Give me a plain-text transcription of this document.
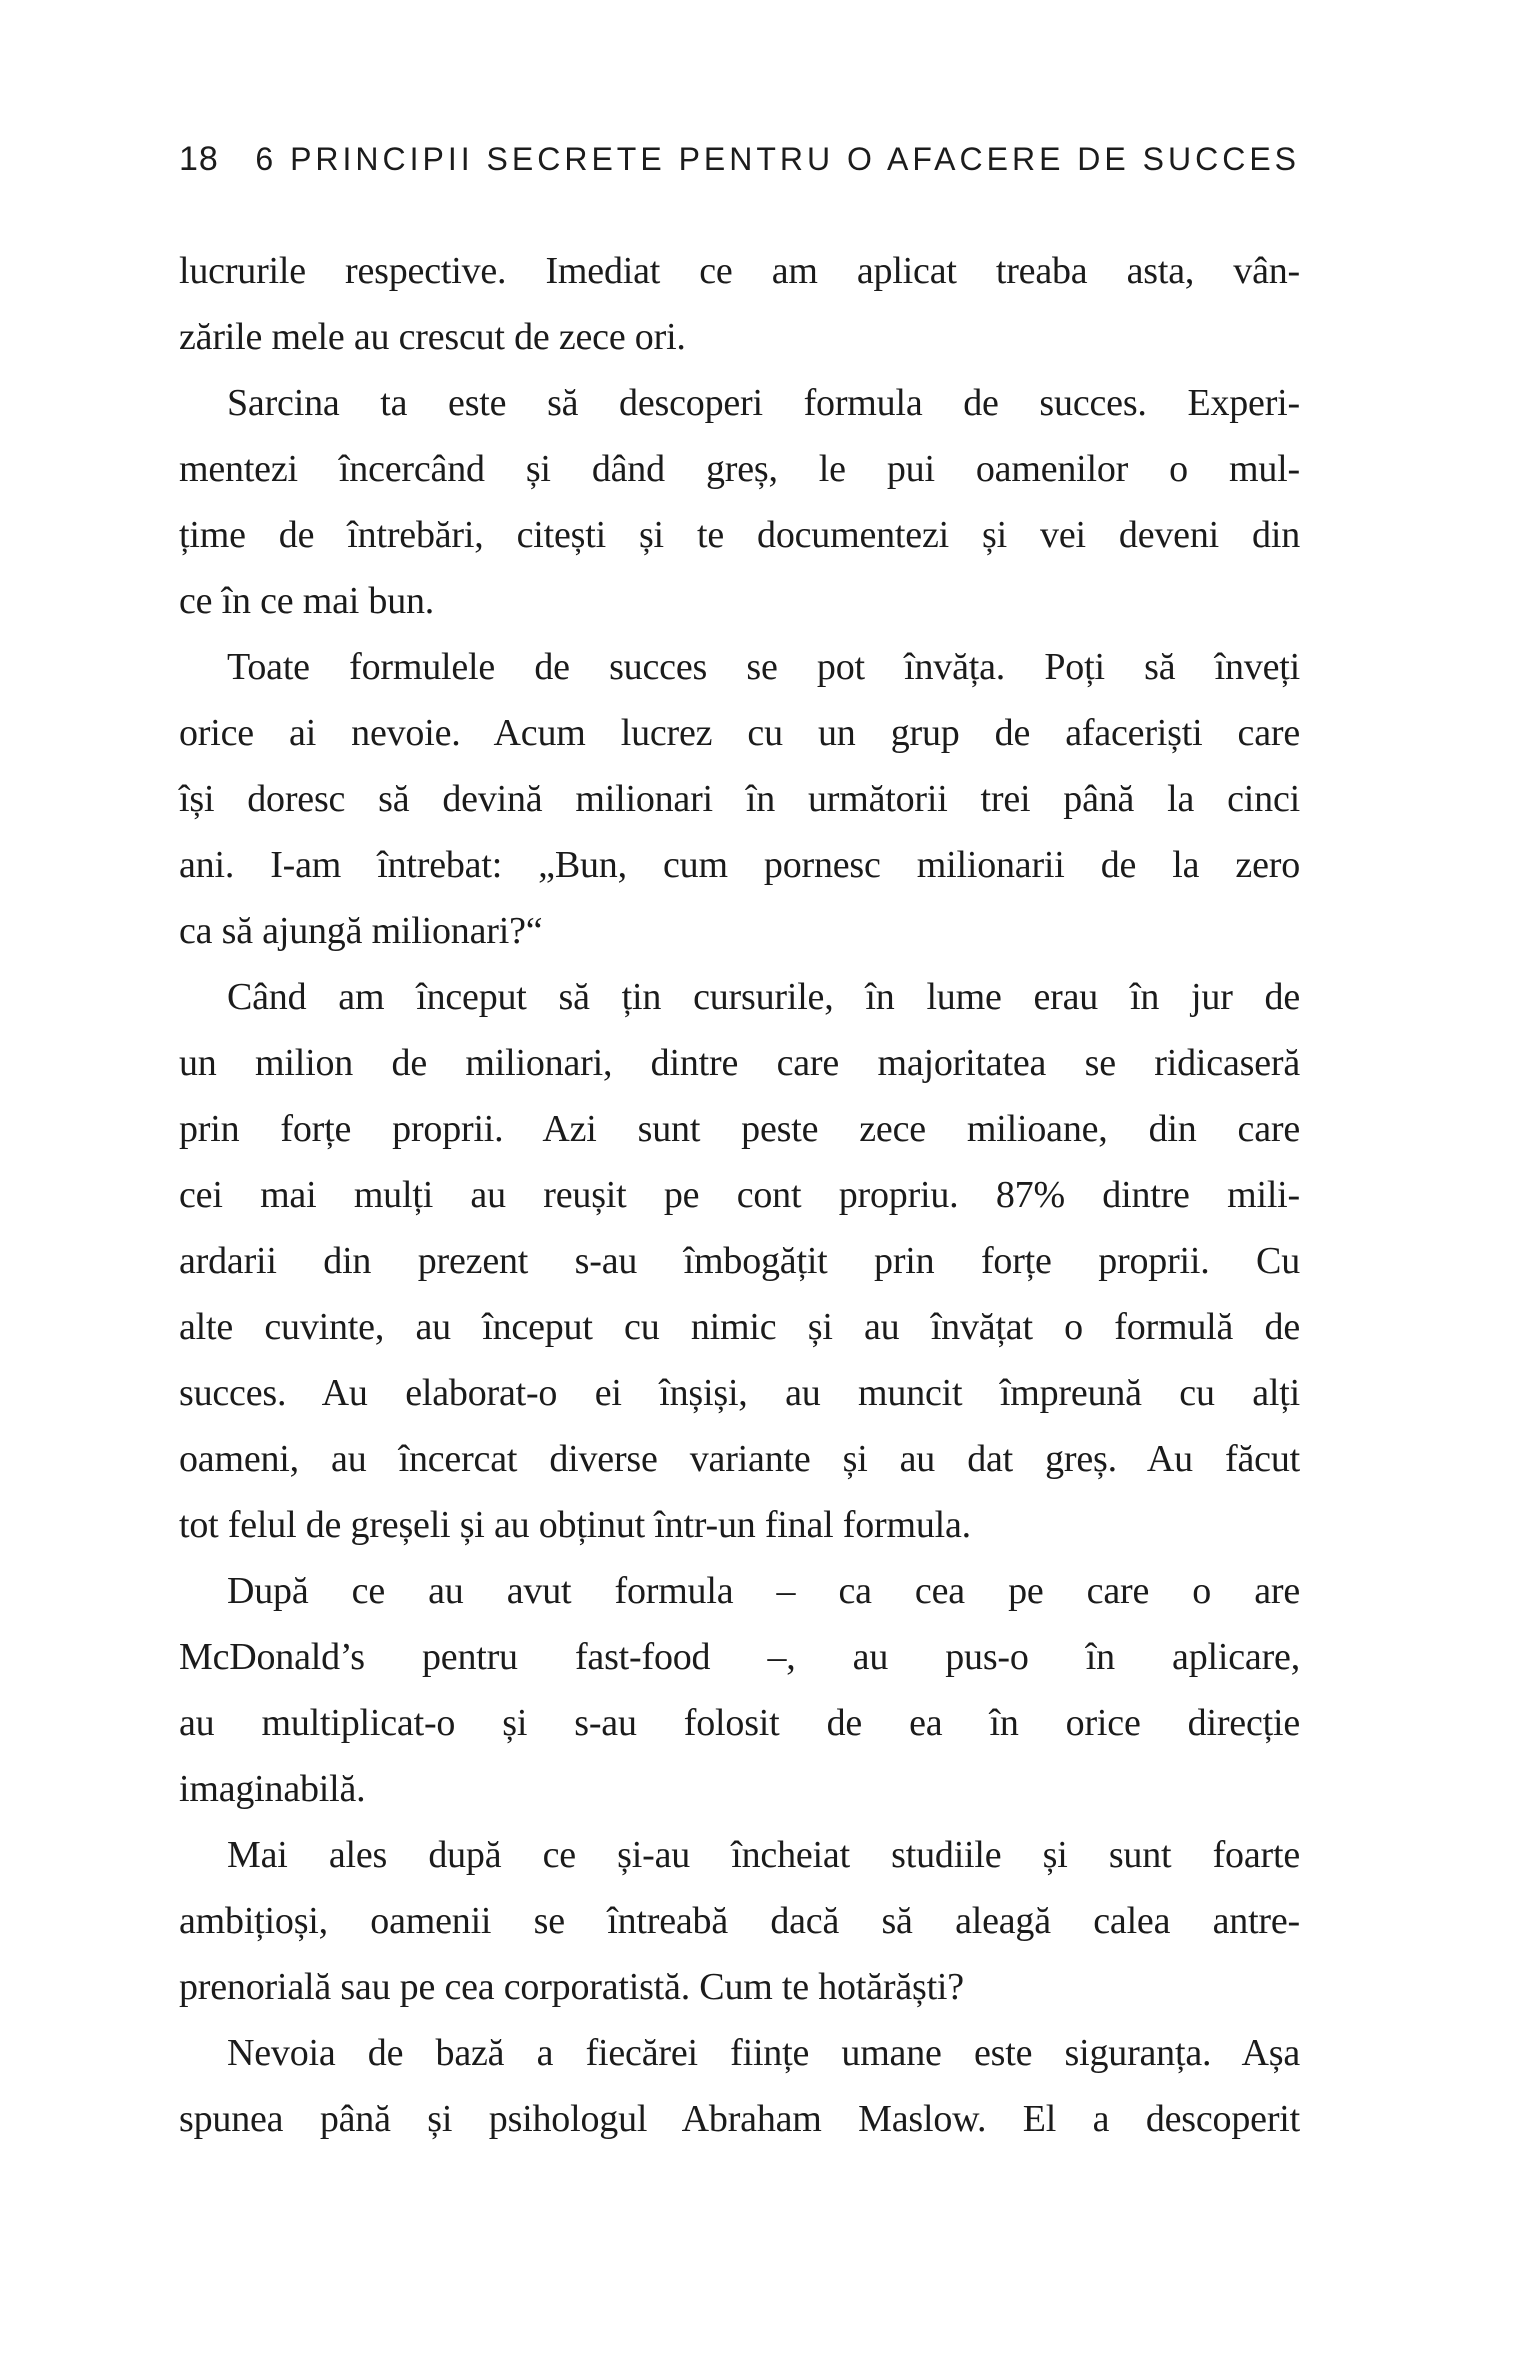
18 6 PRINCIPII SECRETE PENTRU O AFACERE DE SUCCES
lucrurile respective. Imediat ce am aplicat treaba asta, vân-
zările mele au crescut de zece ori.
Sarcina ta este să descoperi formula de succes. Experi-
mentezi încercând și dând greș, le pui oamenilor o mul-
țime de întrebări, citești și te documentezi și vei deveni din
ce în ce mai bun.
Toate formulele de succes se pot învăța. Poți să înveți
orice ai nevoie. Acum lucrez cu un grup de afaceriști care
își doresc să devină milionari în următorii trei până la cinci
ani. I-am întrebat: „Bun, cum pornesc milionarii de la zero
ca să ajungă milionari?“
Când am început să țin cursurile, în lume erau în jur de
un milion de milionari, dintre care majoritatea se ridicaseră
prin forțe proprii. Azi sunt peste zece milioane, din care
cei mai mulți au reușit pe cont propriu. 87% dintre mili-
ardarii din prezent s-au îmbogățit prin forțe proprii. Cu
alte cuvinte, au început cu nimic și au învățat o formulă de
succes. Au elaborat-o ei înșiși, au muncit împreună cu alți
oameni, au încercat diverse variante și au dat greș. Au făcut
tot felul de greșeli și au obținut într-un final formula.
După ce au avut formula – ca cea pe care o are
McDonald’s pentru fast-food –, au pus-o în aplicare,
au multiplicat-o și s-au folosit de ea în orice direcție
imaginabilă.
Mai ales după ce și-au încheiat studiile și sunt foarte
ambițioși, oamenii se întreabă dacă să aleagă calea antre-
prenorială sau pe cea corporatistă. Cum te hotărăști?
Nevoia de bază a fiecărei ființe umane este siguranța. Așa
spunea până și psihologul Abraham Maslow. El a descoperit
